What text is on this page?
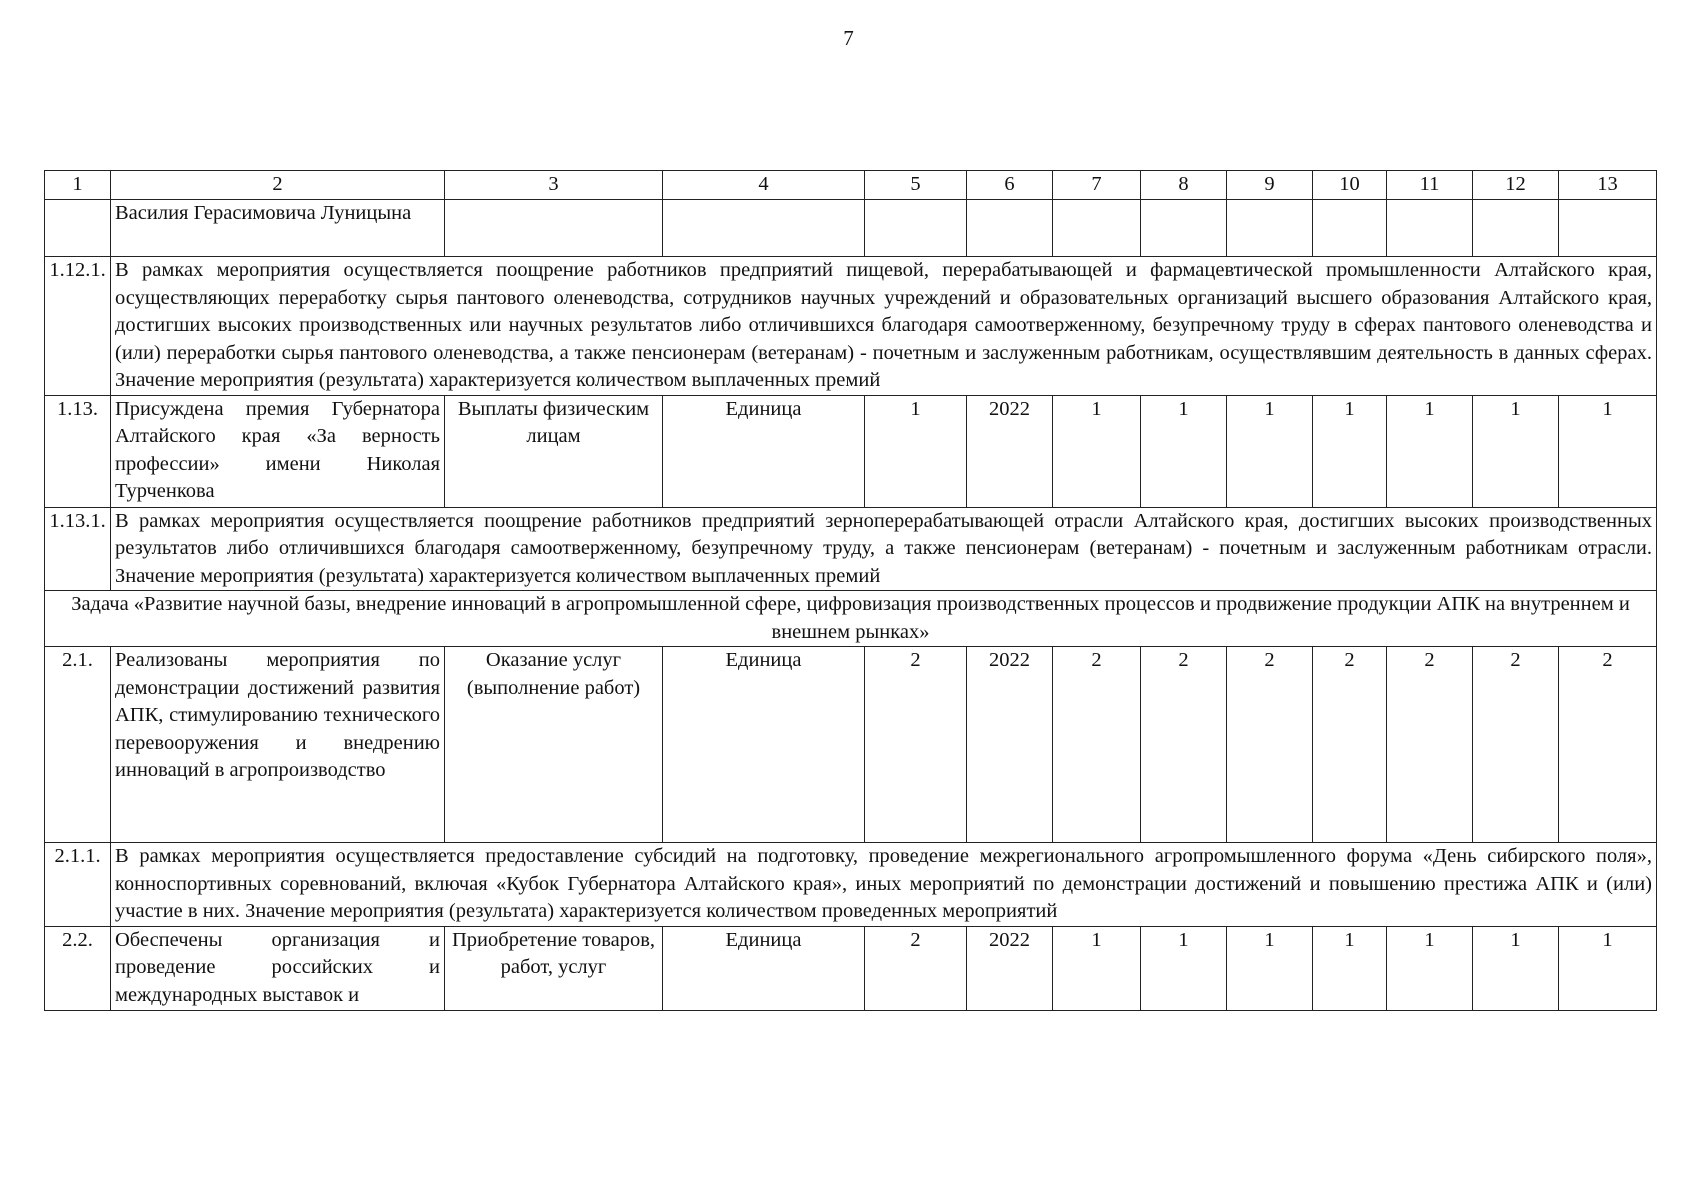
7
1	2	3	4	5	6	7	8	9	10	11	12	13
	Василия Герасимовича Луницына											
1.12.1.	В рамках мероприятия осуществляется поощрение работников предприятий пищевой, перерабатывающей и фармацевтической промышленности Алтайского края, осуществляющих переработку сырья пантового оленеводства, сотрудников научных учреждений и образовательных организаций высшего образования Алтайского края, достигших высоких производственных или научных результатов либо отличившихся благодаря самоотверженному, безупречному труду в сферах пантового оленеводства и (или) переработки сырья пантового оленеводства, а также пенсионерам (ветеранам) - почетным и заслуженным работникам, осуществлявшим деятельность в данных сферах. Значение мероприятия (результата) характеризуется количеством выплаченных премий											
1.13.	Присуждена премия Губернатора Алтайского края «За верность профессии» имени Николая Турченкова	Выплаты физическим лицам	Единица	1	2022	1	1	1	1	1	1	1
1.13.1.	В рамках мероприятия осуществляется поощрение работников предприятий зерноперерабатывающей отрасли Алтайского края, достигших высоких производственных результатов либо отличившихся благодаря самоотверженному, безупречному труду, а также пенсионерам (ветеранам) - почетным и заслуженным работникам отрасли. Значение мероприятия (результата) характеризуется количеством выплаченных премий											
Задача «Развитие научной базы, внедрение инноваций в агропромышленной сфере, цифровизация производственных процессов и продвижение продукции АПК на внутреннем и внешнем рынках»												
2.1.	Реализованы мероприятия по демонстрации достижений развития АПК, стимулированию технического перевооружения и внедрению инноваций в агропроизводство	Оказание услуг (выполнение работ)	Единица	2	2022	2	2	2	2	2	2	2
2.1.1.	В рамках мероприятия осуществляется предоставление субсидий на подготовку, проведение межрегионального агропромышленного форума «День сибирского поля», конноспортивных соревнований, включая «Кубок Губернатора Алтайского края», иных мероприятий по демонстрации достижений и повышению престижа АПК и (или) участие в них. Значение мероприятия (результата) характеризуется количеством проведенных мероприятий											
2.2.	Обеспечены организация и проведение российских и международных выставок и	Приобретение товаров, работ, услуг	Единица	2	2022	1	1	1	1	1	1	1
